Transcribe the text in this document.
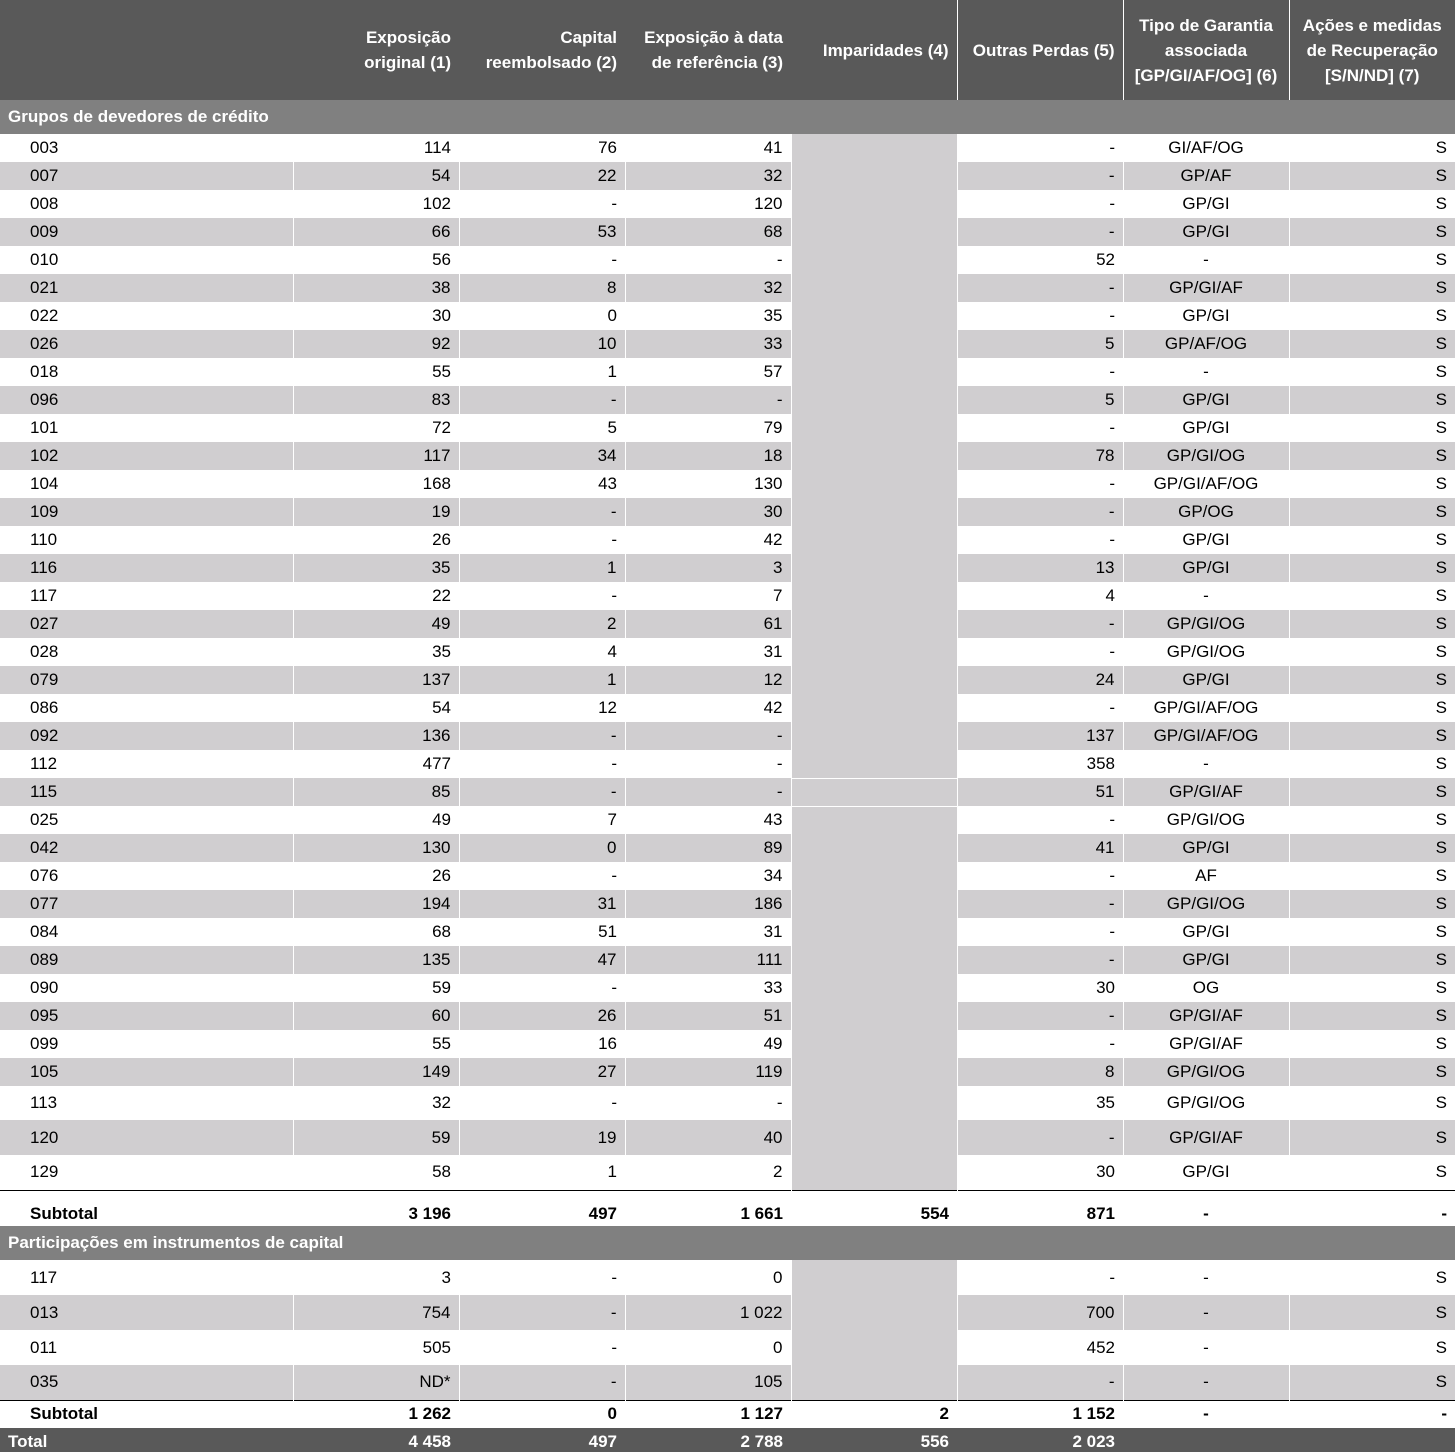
	Exposição original (1)	Capital reembolsado (2)	Exposição à data de referência (3)	Imparidades (4)	Outras Perdas (5)	Tipo de Garantia associada [GP/GI/AF/OG] (6)	Ações e medidas de Recuperação [S/N/ND] (7)
Grupos de devedores de crédito							
003	114	76	41		-	GI/AF/OG	S
007	54	22	32		-	GP/AF	S
008	102	-	120		-	GP/GI	S
009	66	53	68		-	GP/GI	S
010	56	-	-		52	-	S
021	38	8	32		-	GP/GI/AF	S
022	30	0	35		-	GP/GI	S
026	92	10	33		5	GP/AF/OG	S
018	55	1	57		-	-	S
096	83	-	-		5	GP/GI	S
101	72	5	79		-	GP/GI	S
102	117	34	18		78	GP/GI/OG	S
104	168	43	130		-	GP/GI/AF/OG	S
109	19	-	30		-	GP/OG	S
110	26	-	42		-	GP/GI	S
116	35	1	3		13	GP/GI	S
117	22	-	7		4	-	S
027	49	2	61		-	GP/GI/OG	S
028	35	4	31		-	GP/GI/OG	S
079	137	1	12		24	GP/GI	S
086	54	12	42		-	GP/GI/AF/OG	S
092	136	-	-		137	GP/GI/AF/OG	S
112	477	-	-		358	-	S
115	85	-	-		51	GP/GI/AF	S
025	49	7	43		-	GP/GI/OG	S
042	130	0	89		41	GP/GI	S
076	26	-	34		-	AF	S
077	194	31	186		-	GP/GI/OG	S
084	68	51	31		-	GP/GI	S
089	135	47	111		-	GP/GI	S
090	59	-	33		30	OG	S
095	60	26	51		-	GP/GI/AF	S
099	55	16	49		-	GP/GI/AF	S
105	149	27	119		8	GP/GI/OG	S
113	32	-	-		35	GP/GI/OG	S
120	59	19	40		-	GP/GI/AF	S
129	58	1	2		30	GP/GI	S
Subtotal	3 196	497	1 661	554	871	-	-
Participações em instrumentos de capital							
117	3	-	0		-	-	S
013	754	-	1 022		700	-	S
011	505	-	0		452	-	S
035	ND*	-	105		-	-	S
Subtotal	1 262	0	1 127	2	1 152	-	-
Total	4 458	497	2 788	556	2 023		
